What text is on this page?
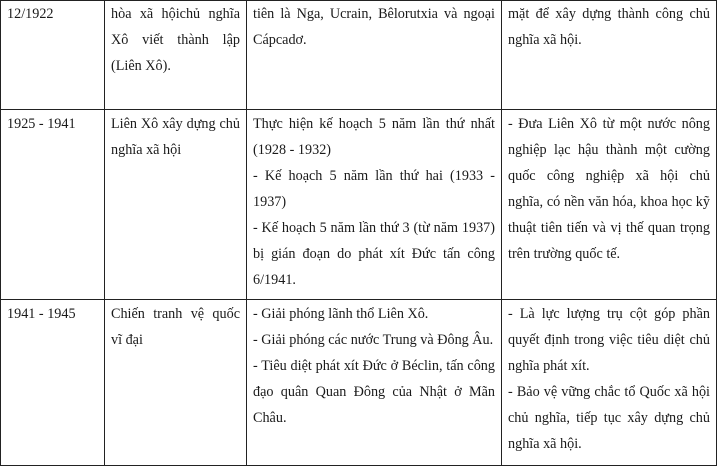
12/1922	hòa xã hộichủ nghĩa Xô viết thành lập (Liên Xô).	tiên là Nga, Ucrain, Bêlorutxia và ngoại Cápcadơ.	mặt để xây dựng thành công chủ nghĩa xã hội.

1925 - 1941	Liên Xô xây dựng chủ nghĩa xã hội	Thực hiện kế hoạch 5 năm lần thứ nhất (1928 - 1932)
- Kế hoạch 5 năm lần thứ hai (1933 - 1937)
- Kế hoạch 5 năm lần thứ 3 (từ năm 1937) bị gián đoạn do phát xít Đức tấn công 6/1941.	- Đưa Liên Xô từ một nước nông nghiệp lạc hậu thành một cường quốc công nghiệp xã hội chủ nghĩa, có nền văn hóa, khoa học kỹ thuật tiên tiến và vị thế quan trọng trên trường quốc tế.

1941 - 1945	Chiến tranh vệ quốc vĩ đại	- Giải phóng lãnh thổ Liên Xô.
- Giải phóng các nước Trung và Đông Âu.
- Tiêu diệt phát xít Đức ở Béclin, tấn công đạo quân Quan Đông của Nhật ở Mãn Châu.	- Là lực lượng trụ cột góp phần quyết định trong việc tiêu diệt chủ nghĩa phát xít.
- Bảo vệ vững chắc tổ Quốc xã hội chủ nghĩa, tiếp tục xây dựng chủ nghĩa xã hội.
